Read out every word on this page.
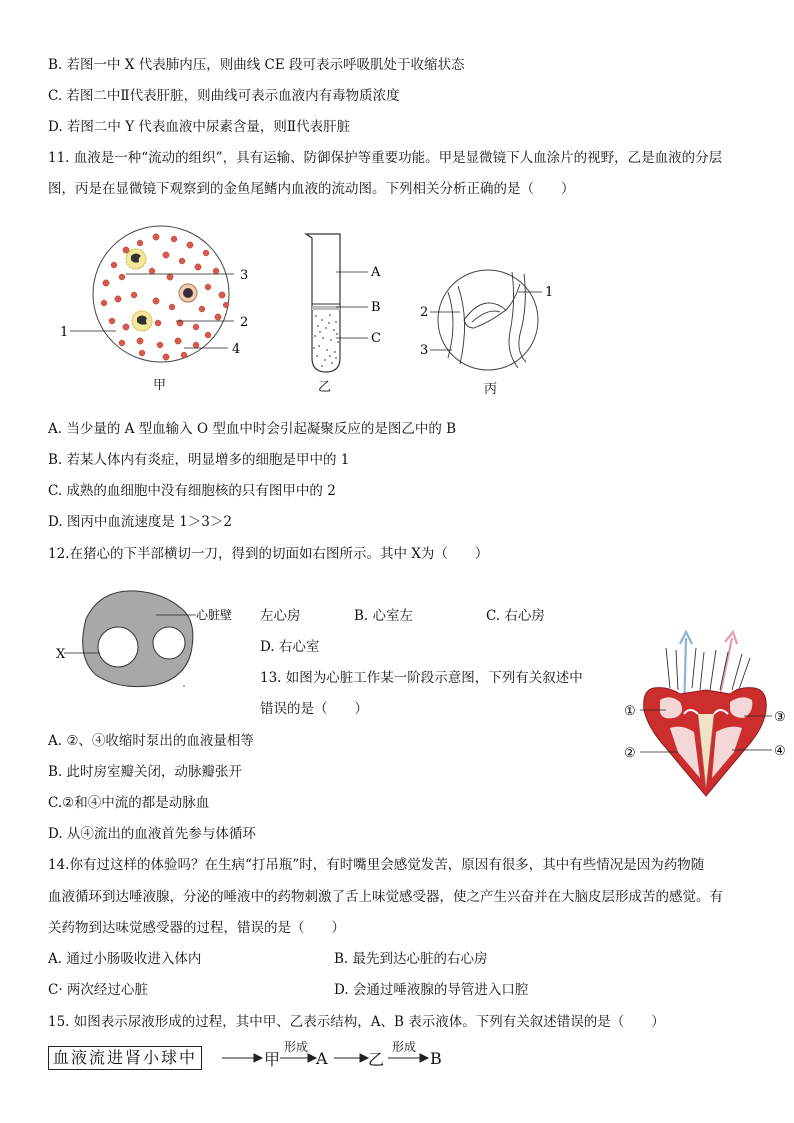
B. 若图一中 X 代表肺内压，则曲线 CE 段可表示呼吸肌处于收缩状态
C. 若图二中Ⅱ代表肝脏，则曲线可表示血液内有毒物质浓度
D. 若图二中 Y 代表血液中尿素含量，则Ⅱ代表肝脏
11. 血液是一种“流动的组织”，具有运输、防御保护等重要功能。甲是显微镜下人血涂片的视野，乙是血液的分层
图，丙是在显微镜下观察到的金鱼尾鳍内血液的流动图。下列相关分析正确的是（　　）
3
2
1
4
甲
A
B
C
乙
1
2
3
丙
A. 当少量的 A 型血输入 O 型血中时会引起凝聚反应的是图乙中的 B
B. 若某人体内有炎症，明显增多的细胞是甲中的 1
C. 成熟的血细胞中没有细胞核的只有图甲中的 2
D. 图丙中血流速度是 1＞3＞2
12.在猪心的下半部横切一刀，得到的切面如右图所示。其中 X为（　　）
心脏壁
X
左心房	B. 心室左	C. 右心房
D. 右心室
13. 如图为心脏工作某一阶段示意图，下列有关叙述中
错误的是（　　）	①	③
②	④
A. ②、④收缩时泵出的血液量相等
B. 此时房室瓣关闭，动脉瓣张开
C.②和④中流的都是动脉血
D. 从④流出的血液首先参与体循环
14.你有过这样的体验吗？在生病“打吊瓶”时，有时嘴里会感觉发苦，原因有很多，其中有些情况是因为药物随
血液循环到达唾液腺，分泌的唾液中的药物刺激了舌上味觉感受器，使之产生兴奋并在大脑皮层形成苦的感觉。有
关药物到达味觉感受器的过程，错误的是（　　）
A. 通过小肠吸收进入体内	B. 最先到达心脏的右心房
C· 两次经过心脏	D. 会通过唾液腺的导管进入口腔
15. 如图表示尿液形成的过程，其中甲、乙表示结构，A、B 表示液体。下列有关叙述错误的是（　　）
血液流进肾小球中	甲
形成
A	乙
形成
B
